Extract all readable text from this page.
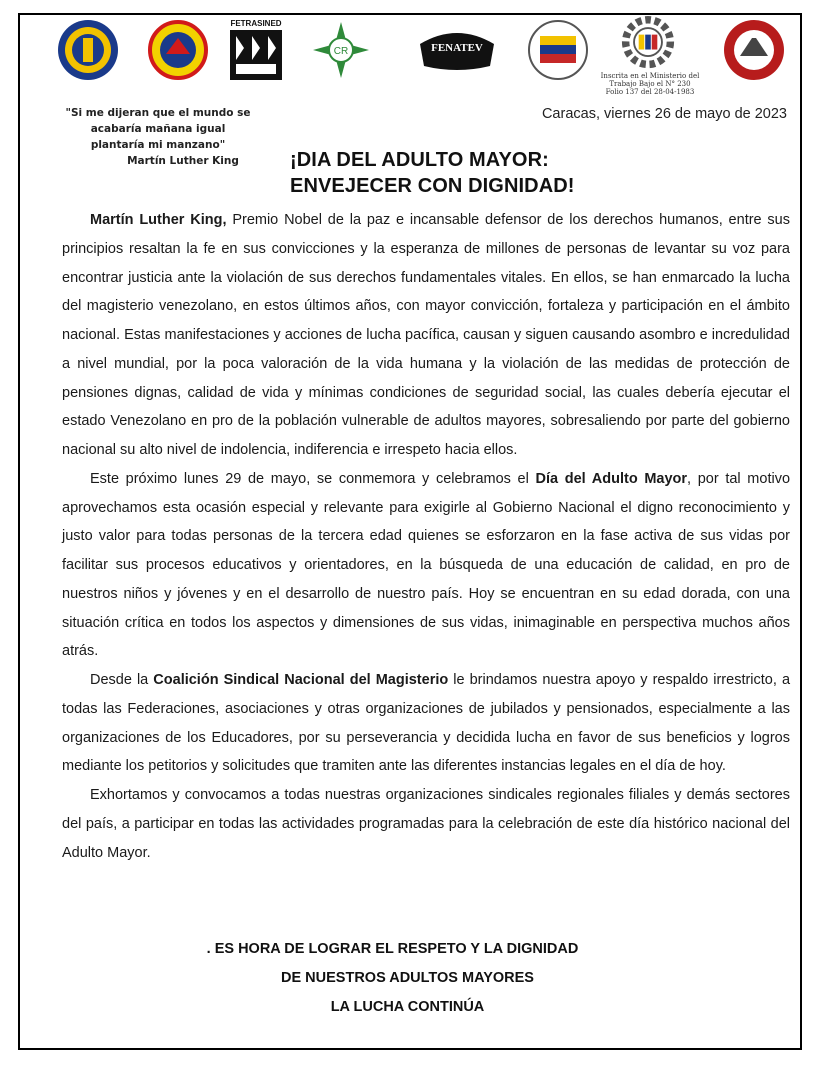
FETRASINED
CR	FENATEV
Inscrita en el Ministerio del Trabajo Bajo el N° 230 Folio 137 del 28-04-1983
"Si me dijeran que el mundo se
acabaría mañana igual
plantaría mi manzano"

Martín Luther King
Caracas, viernes 26 de mayo de 2023
¡DIA DEL ADULTO MAYOR:
ENVEJECER CON DIGNIDAD!

Martín Luther King, Premio Nobel de la paz e incansable defensor de los derechos humanos, entre sus principios resaltan la fe en sus convicciones y la esperanza de millones de personas de levantar su voz para encontrar justicia ante la violación de sus derechos fundamentales vitales. En ellos, se han enmarcado la lucha del magisterio venezolano, en estos últimos años, con mayor convicción, fortaleza y participación en el ámbito nacional. Estas manifestaciones y acciones de lucha pacífica, causan y siguen causando asombro e incredulidad a nivel mundial, por la poca valoración de la vida humana y la violación de las medidas de protección de pensiones dignas, calidad de vida y mínimas condiciones de seguridad social, las cuales debería ejecutar el estado Venezolano en pro de la población vulnerable de adultos mayores, sobresaliendo por parte del gobierno nacional su alto nivel de indolencia, indiferencia e irrespeto hacia ellos.

Este próximo lunes 29 de mayo, se conmemora y celebramos el Día del Adulto Mayor, por tal motivo aprovechamos esta ocasión especial y relevante para exigirle al Gobierno Nacional el digno reconocimiento y justo valor para todas personas de la tercera edad quienes se esforzaron en la fase activa de sus vidas por facilitar sus procesos educativos y orientadores, en la búsqueda de una educación de calidad, en pro de nuestros niños y jóvenes y en el desarrollo de nuestro país. Hoy se encuentran en su edad dorada, con una situación crítica en todos los aspectos y dimensiones de sus vidas, inimaginable en perspectiva muchos años atrás.

Desde la Coalición Sindical Nacional del Magisterio le brindamos nuestra apoyo y respaldo irrestricto, a todas las Federaciones, asociaciones y otras organizaciones de jubilados y pensionados, especialmente a las organizaciones de los Educadores, por su perseverancia y decidida lucha en favor de sus beneficios y logros mediante los petitorios y solicitudes que tramiten ante las diferentes instancias legales en el día de hoy.

Exhortamos y convocamos a todas nuestras organizaciones sindicales regionales filiales y demás sectores del país, a participar en todas las actividades programadas para la celebración de este día histórico nacional del Adulto Mayor.

. ES HORA DE LOGRAR EL RESPETO Y LA DIGNIDAD
DE NUESTROS ADULTOS MAYORES
LA LUCHA CONTINÚA
